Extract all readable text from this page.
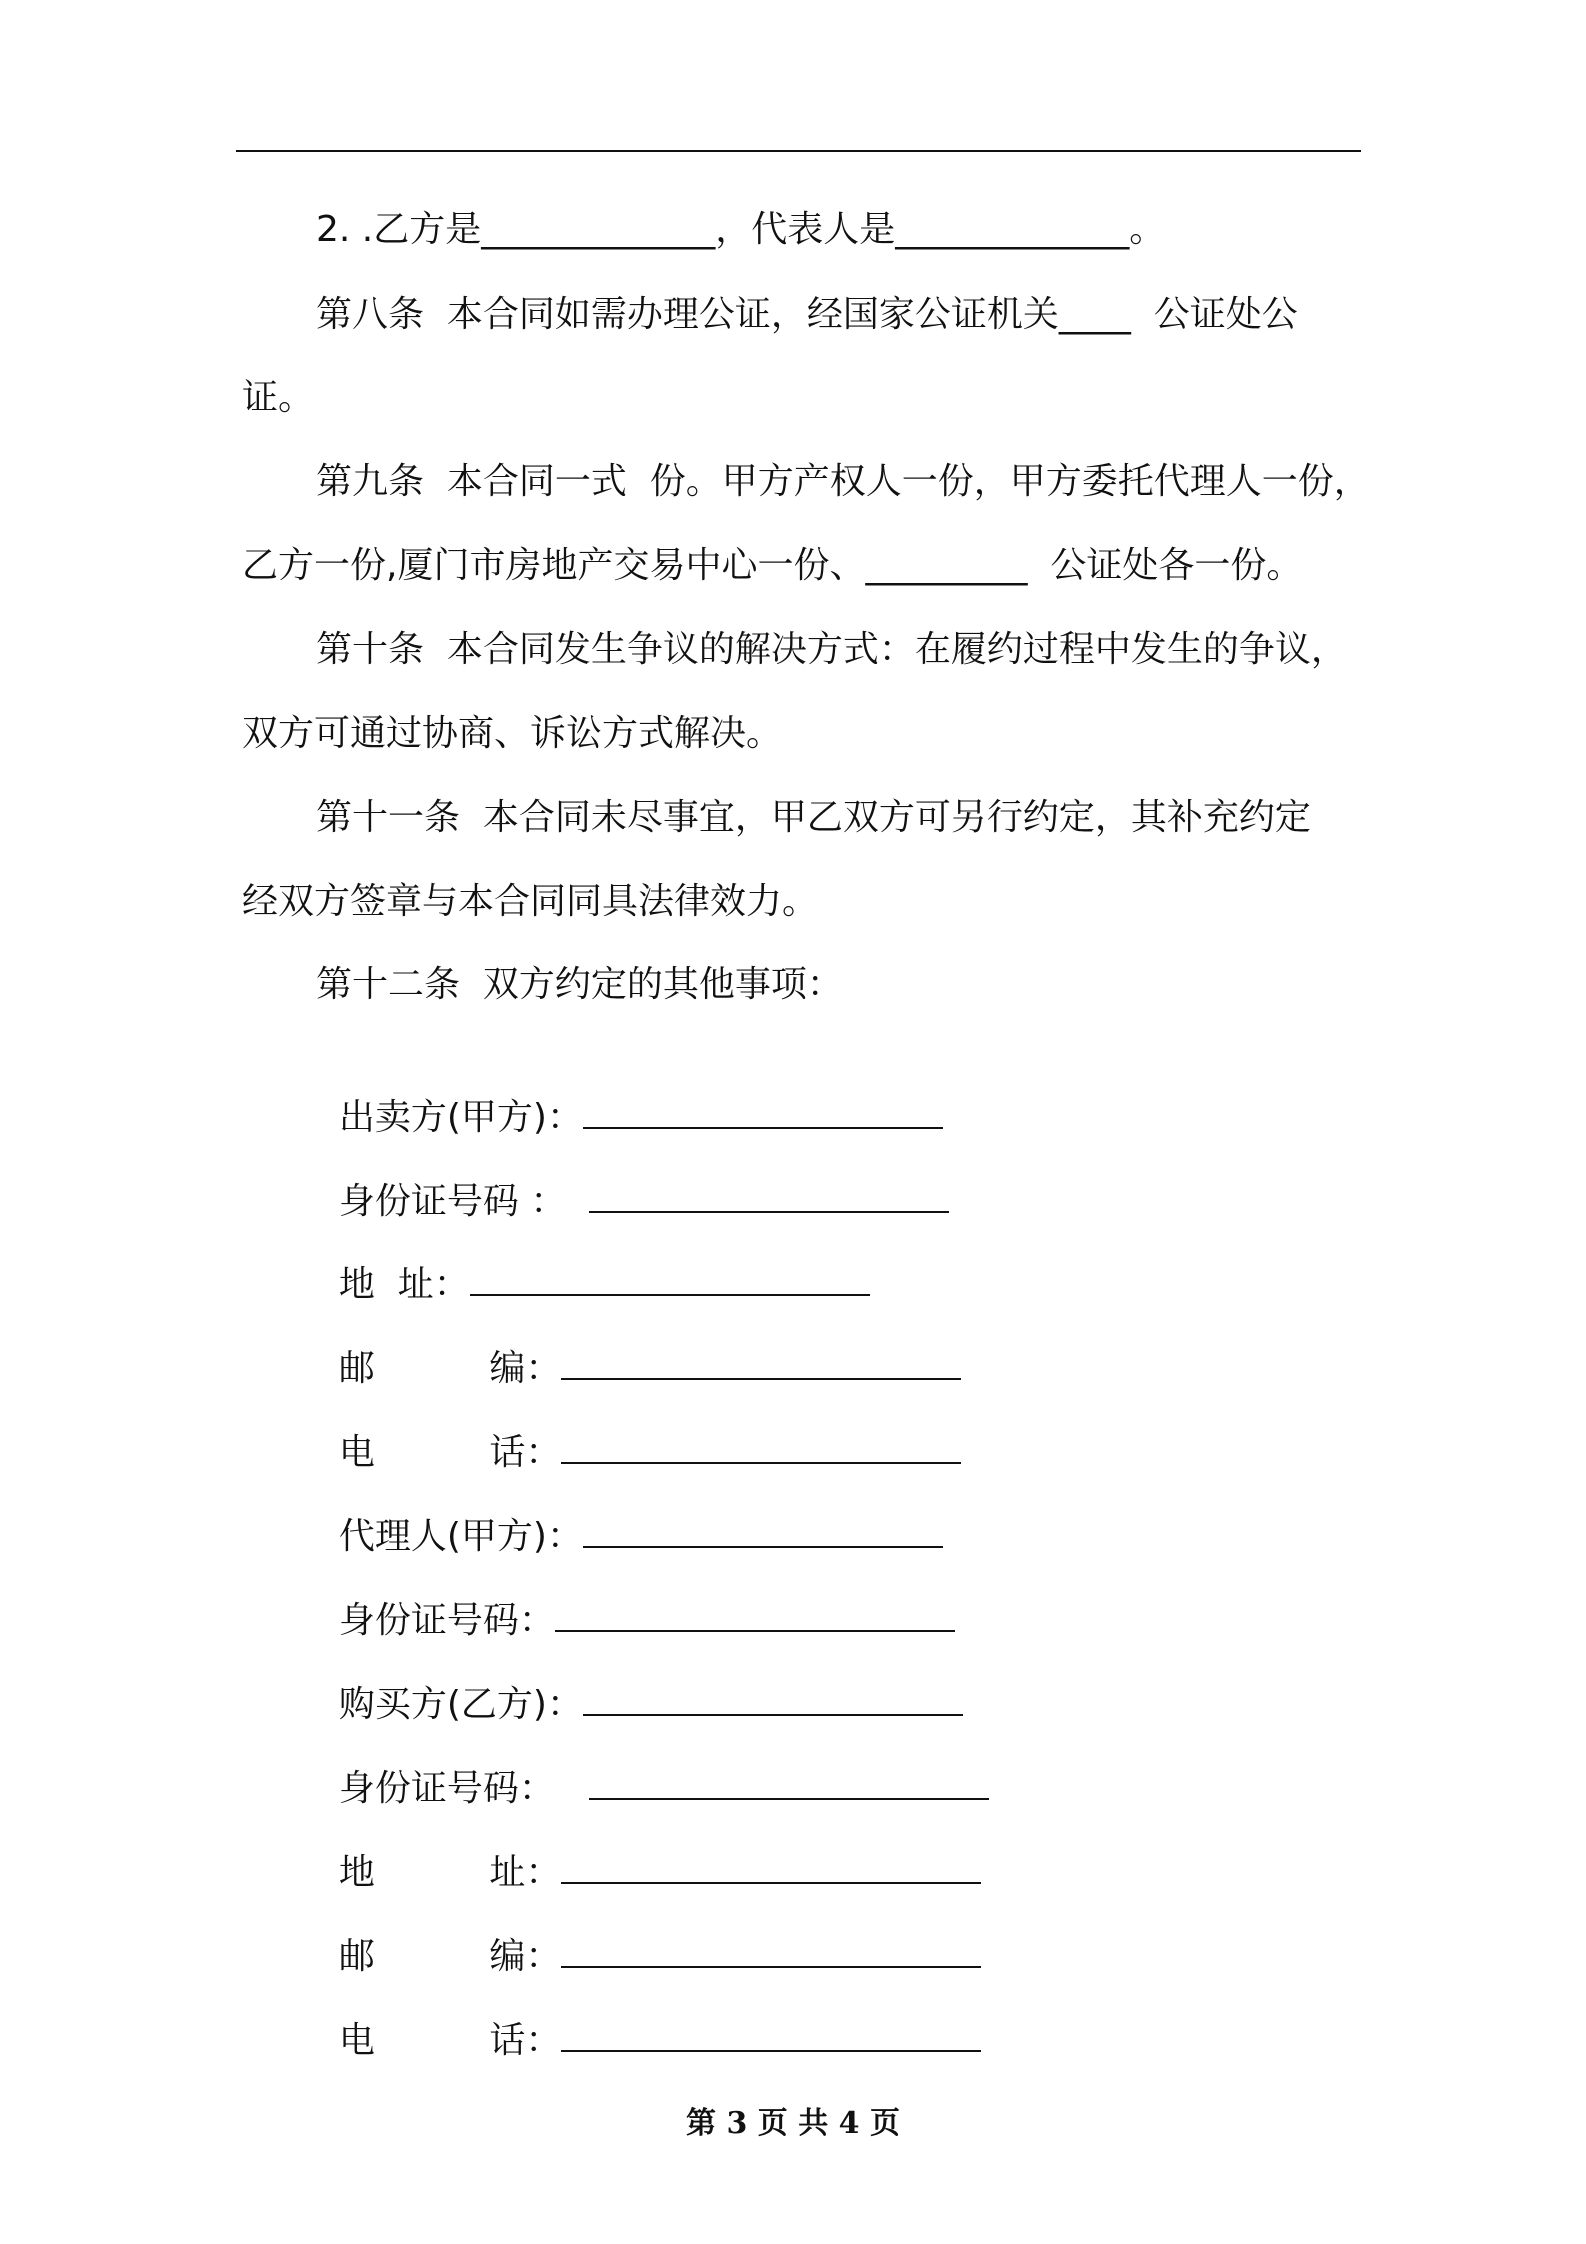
2. .乙方是_____________，代表人是_____________。
第八条  本合同如需办理公证，经国家公证机关____  公证处公
证。
第九条  本合同一式  份。甲方产权人一份，甲方委托代理人一份，
乙方一份,厦门市房地产交易中心一份、_________  公证处各一份。
第十条  本合同发生争议的解决方式：在履约过程中发生的争议，
双方可通过协商、诉讼方式解决。
第十一条  本合同未尽事宜，甲乙双方可另行约定，其补充约定
经双方签章与本合同同具法律效力。
第十二条  双方约定的其他事项：

出卖方(甲方)：

身份证号码 ：

地  址：

邮          编：

电          话：

代理人(甲方)：

身份证号码：

购买方(乙方)：

身份证号码：

地          址：

邮          编：

电          话：

第 3 页 共 4 页
